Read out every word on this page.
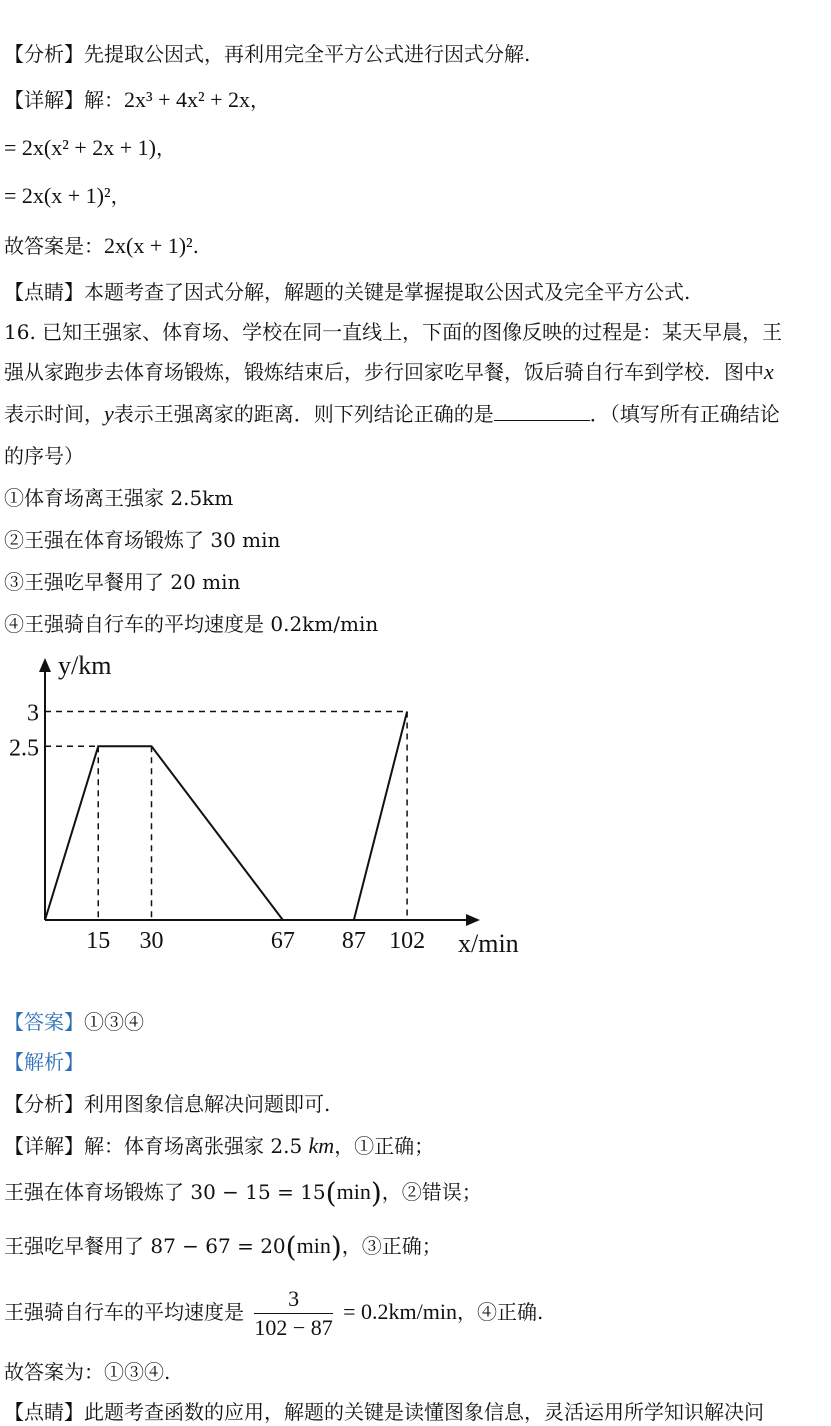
【分析】先提取公因式，再利用完全平方公式进行因式分解.
【详解】解：2x³ + 4x² + 2x，
= 2x(x² + 2x + 1)，
= 2x(x + 1)²，
故答案是：2x(x + 1)².
【点睛】本题考查了因式分解，解题的关键是掌握提取公因式及完全平方公式.
16. 已知王强家、体育场、学校在同一直线上，下面的图像反映的过程是：某天早晨，王
强从家跑步去体育场锻炼，锻炼结束后，步行回家吃早餐，饭后骑自行车到学校．图中x
表示时间，y表示王强离家的距离．则下列结论正确的是	．（填写所有正确结论
的序号）
①体育场离王强家 2.5km
②王强在体育场锻炼了 30 min
③王强吃早餐用了 20 min
④王强骑自行车的平均速度是 0.2km/min
15 30	67 87 102
3
2.5
x/min
y/km
【答案】①③④
【解析】
【分析】利用图象信息解决问题即可.
【详解】解：体育场离张强家 2.5 km，①正确；
王强在体育场锻炼了 30 − 15 = 15(min)，②错误；
王强吃早餐用了 87 − 67 = 20(min)，③正确；
王强骑自行车的平均速度是 $\frac{3}{102 - 87} = 0.2km/\min$，④正确.
故答案为：①③④.
【点睛】此题考查函数的应用，解题的关键是读懂图象信息，灵活运用所学知识解决问
